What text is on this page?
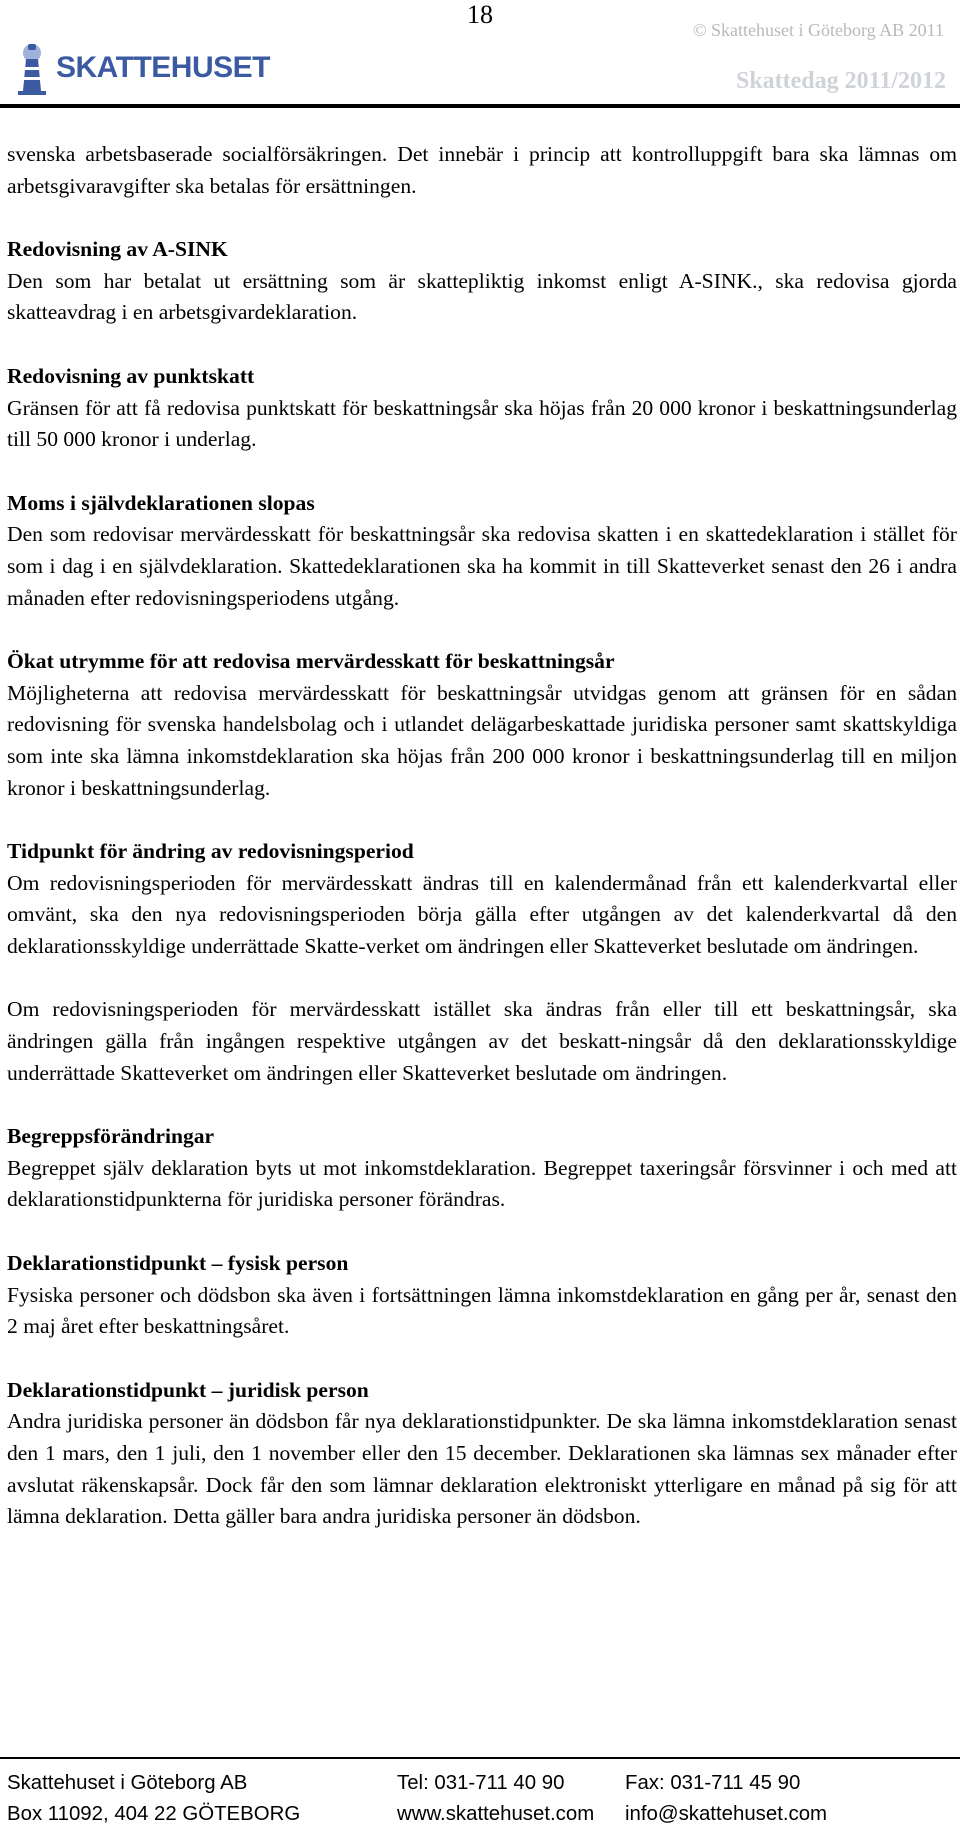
18
© Skattehuset i Göteborg AB 2011
SKATTEHUSET	Skattedag 2011/2012

svenska arbetsbaserade socialförsäkringen. Det innebär i princip att kontrolluppgift bara ska lämnas om arbetsgivaravgifter ska betalas för ersättningen.

Redovisning av A-SINK

Den som har betalat ut ersättning som är skattepliktig inkomst enligt A-SINK., ska redovisa gjorda skatteavdrag i en arbetsgivardeklaration.

Redovisning av punktskatt

Gränsen för att få redovisa punktskatt för beskattningsår ska höjas från 20 000 kronor i beskattningsunderlag till 50 000 kronor i underlag.

Moms i självdeklarationen slopas

Den som redovisar mervärdesskatt för beskattningsår ska redovisa skatten i en skattedeklaration i stället för som i dag i en självdeklaration. Skattedeklarationen ska ha kommit in till Skatteverket senast den 26 i andra månaden efter redovisningsperiodens utgång.

Ökat utrymme för att redovisa mervärdesskatt för beskattningsår

Möjligheterna att redovisa mervärdesskatt för beskattningsår utvidgas genom att gränsen för en sådan redovisning för svenska handelsbolag och i utlandet delägarbeskattade juridiska personer samt skattskyldiga som inte ska lämna inkomstdeklaration ska höjas från 200 000 kronor i beskattningsunderlag till en miljon kronor i beskattningsunderlag.

Tidpunkt för ändring av redovisningsperiod

Om redovisningsperioden för mervärdesskatt ändras till en kalendermånad från ett kalenderkvartal eller omvänt, ska den nya redovisningsperioden börja gälla efter utgången av det kalenderkvartal då den deklarationsskyldige underrättade Skatte-verket om ändringen eller Skatteverket beslutade om ändringen.

Om redovisningsperioden för mervärdesskatt istället ska ändras från eller till ett beskattningsår, ska ändringen gälla från ingången respektive utgången av det beskatt-ningsår då den deklarationsskyldige underrättade Skatteverket om ändringen eller Skatteverket beslutade om ändringen.

Begreppsförändringar

Begreppet själv deklaration byts ut mot inkomstdeklaration. Begreppet taxeringsår försvinner i och med att deklarationstidpunkterna för juridiska personer förändras.

Deklarationstidpunkt – fysisk person

Fysiska personer och dödsbon ska även i fortsättningen lämna inkomstdeklaration en gång per år, senast den 2 maj året efter beskattningsåret.

Deklarationstidpunkt – juridisk person

Andra juridiska personer än dödsbon får nya deklarationstidpunkter. De ska lämna inkomstdeklaration senast den 1 mars, den 1 juli, den 1 november eller den 15 december. Deklarationen ska lämnas sex månader efter avslutat räkenskapsår. Dock får den som lämnar deklaration elektroniskt ytterligare en månad på sig för att lämna deklaration. Detta gäller bara andra juridiska personer än dödsbon.

Skattehuset i Göteborg AB
Box 11092, 404 22 GÖTEBORG
Tel: 031-711 40 90
www.skattehuset.com
Fax: 031-711 45 90
info@skattehuset.com
